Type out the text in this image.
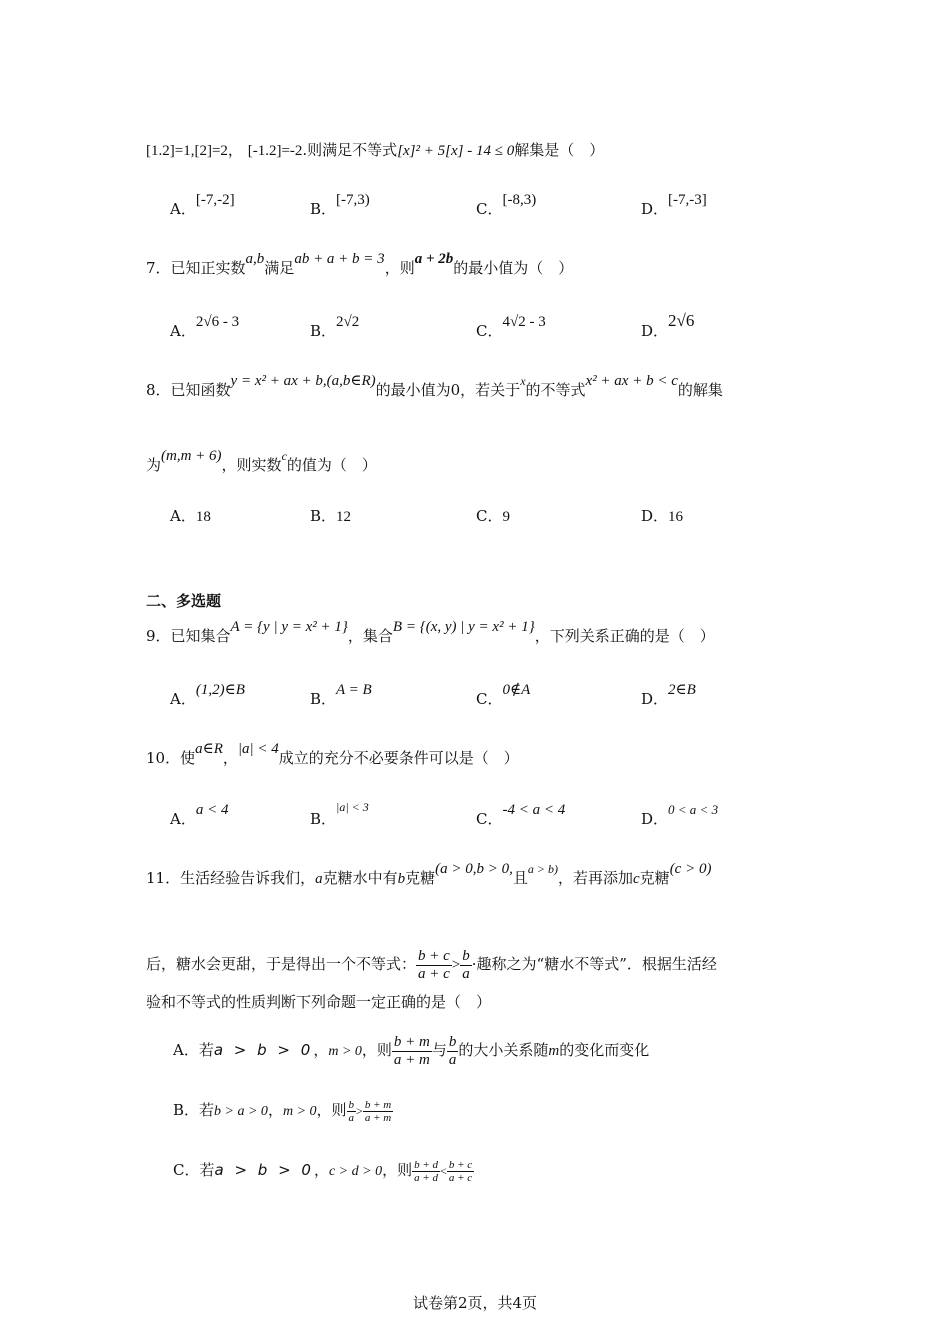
[1.2]=1,[2]=2， [-1.2]=-2.则满足不等式[x]² + 5[x] - 14 ≤ 0解集是（　）
A．[-7,-2]	B．[-7,3)	C．[-8,3)	D．[-7,-3]
7．已知正实数a,b满足ab + a + b = 3，则a + 2b的最小值为（　）
A．2√6 - 3	B．2√2	C．4√2 - 3	D．2√6
8．已知函数y = x² + ax + b,(a,b∈R)的最小值为0，若关于$^x$的不等式x² + ax + b < c的解集
为(m,m + 6)，则实数$^c$的值为（　）
A．18	B．12	C．9	D．16
二、多选题
9．已知集合A = {y | y = x² + 1}，集合B = {(x, y) | y = x² + 1}，下列关系正确的是（　）
A．(1,2)∈B	B．A = B	C．0∉A	D．2∈B
10．使a∈R，|a| < 4成立的充分不必要条件可以是（　）
A．a < 4	B．$^{|a| < 3}$
C．-4 < a < 4	D．0 < a < 3
11．生活经验告诉我们，a克糖水中有b克糖(a > 0,b > 0,且$^{a > b)}$，若再添加c克糖(c > 0)
后，糖水会更甜，于是得出一个不等式： $\frac{b + c}{a + c} > \frac{b}{a}$ ·趣称之为“糖水不等式”．根据生活经
验和不等式的性质判断下列命题一定正确的是（　）
A．若a > b > 0，m > 0，则 $\frac{b + m}{a + m}$ 与 $\frac{b}{a}$ 的大小关系随m的变化而变化
B．若b > a > 0，m > 0，则 $\frac{b}{a} > \frac{b + m}{a + m}$
C．若a > b > 0，c > d > 0，则 $\frac{b + d}{a + d} < \frac{b + c}{a + c}$
试卷第2页，共4页
